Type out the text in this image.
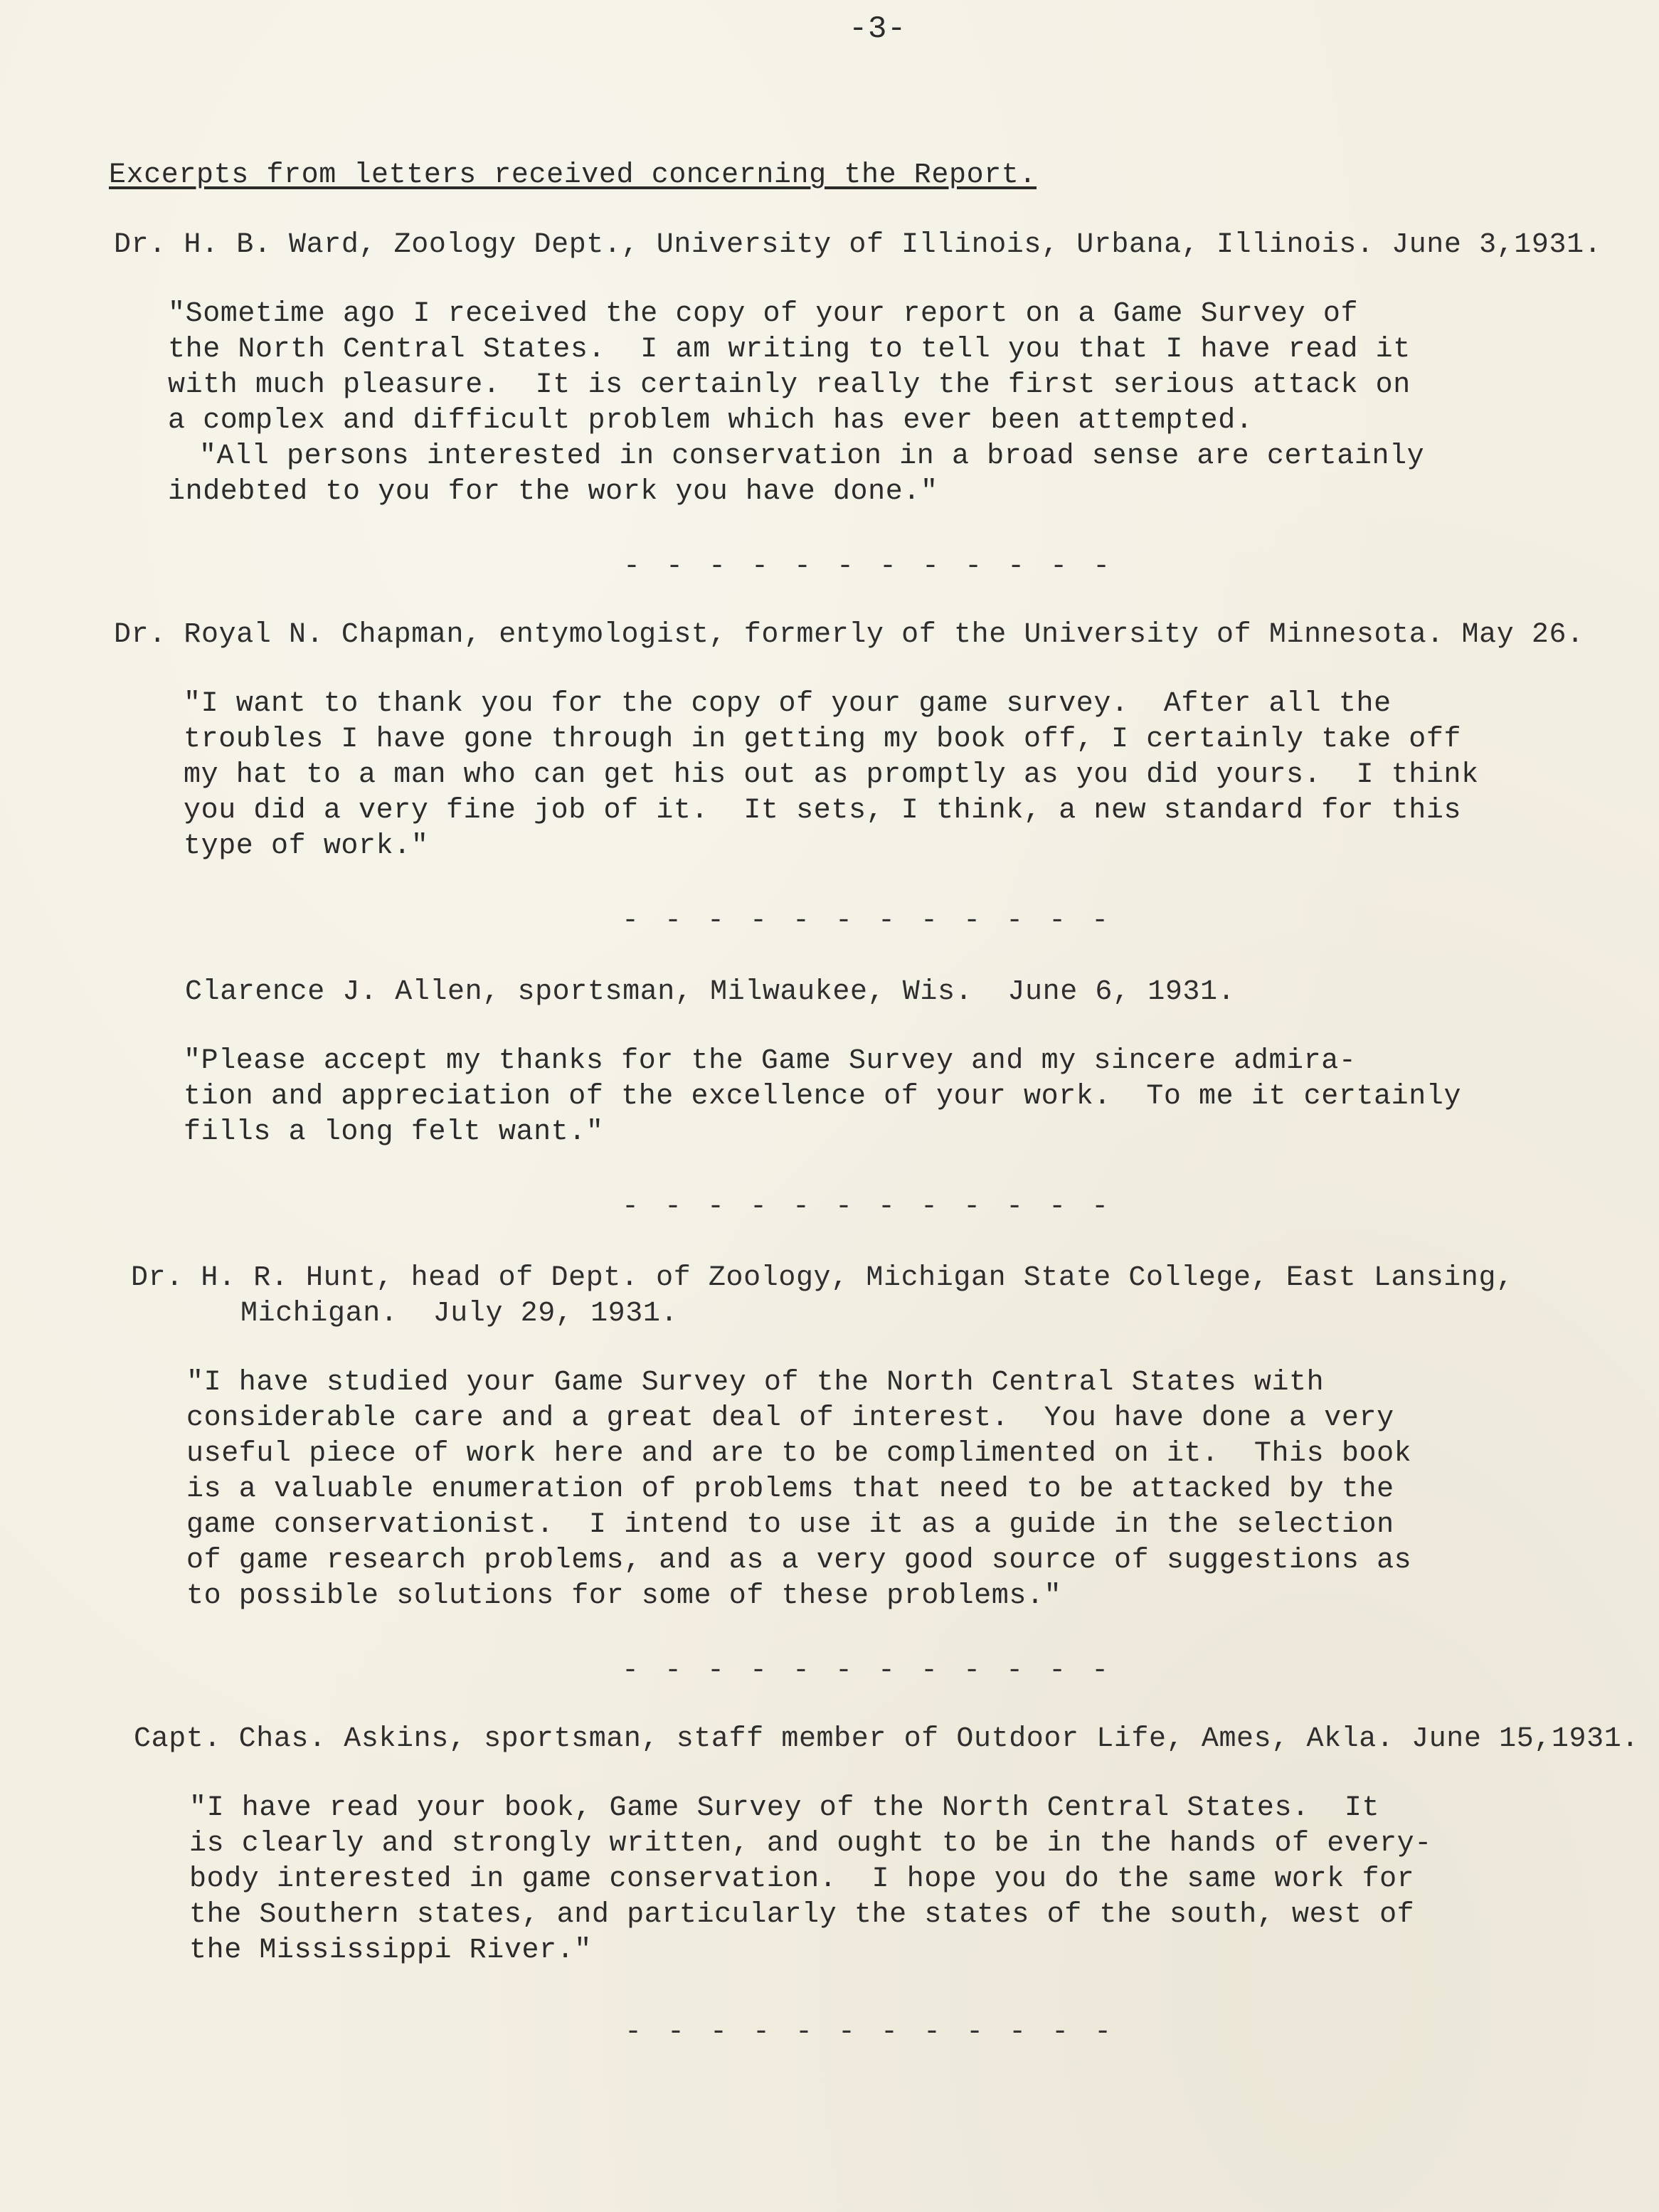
-3-
Excerpts from letters received concerning the Report.
Dr. H. B. Ward, Zoology Dept., University of Illinois, Urbana, Illinois. June 3,1931.
"Sometime ago I received the copy of your report on a Game Survey of
the North Central States.  I am writing to tell you that I have read it
with much pleasure.  It is certainly really the first serious attack on
a complex and difficult problem which has ever been attempted.
"All persons interested in conservation in a broad sense are certainly
indebted to you for the work you have done."
- - - - - - - - - - - -
Dr. Royal N. Chapman, entymologist, formerly of the University of Minnesota. May 26.
"I want to thank you for the copy of your game survey.  After all the
troubles I have gone through in getting my book off, I certainly take off
my hat to a man who can get his out as promptly as you did yours.  I think
you did a very fine job of it.  It sets, I think, a new standard for this
type of work."
- - - - - - - - - - - -
Clarence J. Allen, sportsman, Milwaukee, Wis.  June 6, 1931.
"Please accept my thanks for the Game Survey and my sincere admira-
tion and appreciation of the excellence of your work.  To me it certainly
fills a long felt want."
- - - - - - - - - - - -
Dr. H. R. Hunt, head of Dept. of Zoology, Michigan State College, East Lansing,
Michigan.  July 29, 1931.
"I have studied your Game Survey of the North Central States with
considerable care and a great deal of interest.  You have done a very
useful piece of work here and are to be complimented on it.  This book
is a valuable enumeration of problems that need to be attacked by the
game conservationist.  I intend to use it as a guide in the selection
of game research problems, and as a very good source of suggestions as
to possible solutions for some of these problems."
- - - - - - - - - - - -
Capt. Chas. Askins, sportsman, staff member of Outdoor Life, Ames, Akla. June 15,1931.
"I have read your book, Game Survey of the North Central States.  It
is clearly and strongly written, and ought to be in the hands of every-
body interested in game conservation.  I hope you do the same work for
the Southern states, and particularly the states of the south, west of
the Mississippi River."
- - - - - - - - - - - -
